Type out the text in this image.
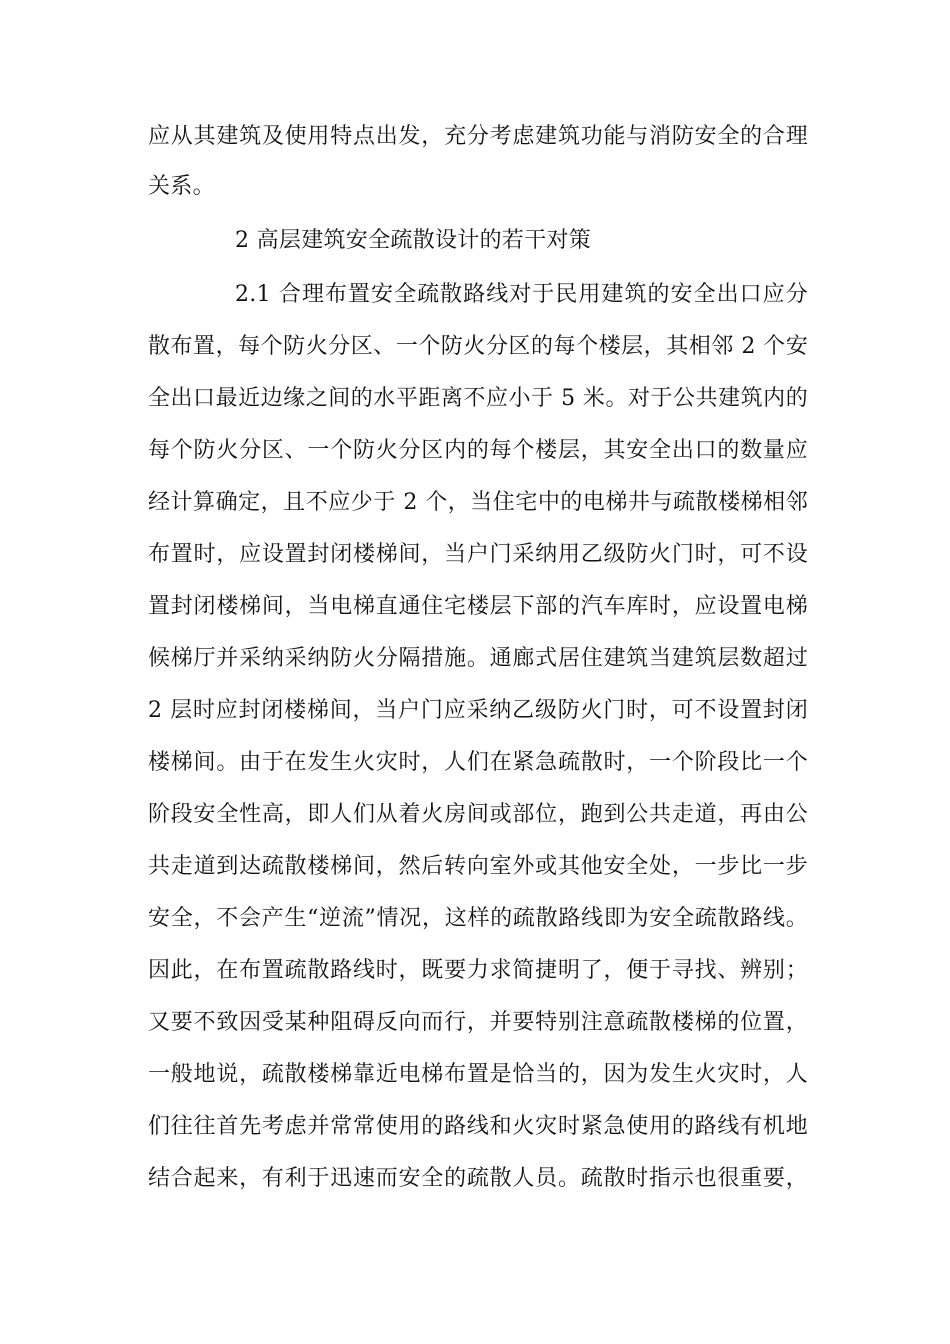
应从其建筑及使用特点出发，充分考虑建筑功能与消防安全的合理
关系。
2 高层建筑安全疏散设计的若干对策
2.1 合理布置安全疏散路线对于民用建筑的安全出口应分
散布置，每个防火分区、一个防火分区的每个楼层，其相邻 2 个安
全出口最近边缘之间的水平距离不应小于 5 米。对于公共建筑内的
每个防火分区、一个防火分区内的每个楼层，其安全出口的数量应
经计算确定，且不应少于 2 个，当住宅中的电梯井与疏散楼梯相邻
布置时，应设置封闭楼梯间，当户门采纳用乙级防火门时，可不设
置封闭楼梯间，当电梯直通住宅楼层下部的汽车库时，应设置电梯
候梯厅并采纳采纳防火分隔措施。通廊式居住建筑当建筑层数超过
2 层时应封闭楼梯间，当户门应采纳乙级防火门时，可不设置封闭
楼梯间。由于在发生火灾时，人们在紧急疏散时，一个阶段比一个
阶段安全性高，即人们从着火房间或部位，跑到公共走道，再由公
共走道到达疏散楼梯间，然后转向室外或其他安全处，一步比一步
安全，不会产生“逆流”情况，这样的疏散路线即为安全疏散路线。
因此，在布置疏散路线时，既要力求简捷明了，便于寻找、辨别；
又要不致因受某种阻碍反向而行，并要特别注意疏散楼梯的位置，
一般地说，疏散楼梯靠近电梯布置是恰当的，因为发生火灾时，人
们往往首先考虑并常常使用的路线和火灾时紧急使用的路线有机地
结合起来，有利于迅速而安全的疏散人员。疏散时指示也很重要，
